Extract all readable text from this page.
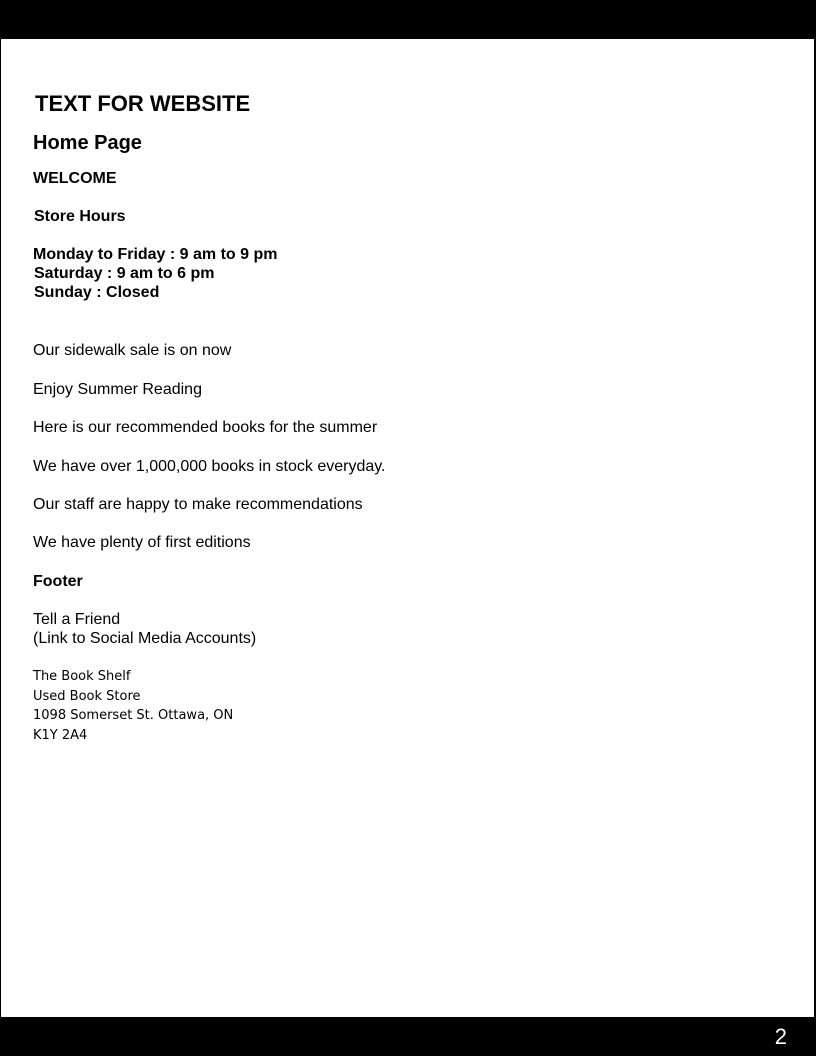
TEXT FOR WEBSITE
Home Page
WELCOME
Store Hours
Monday to Friday : 9 am to 9 pm
Saturday : 9 am to 6 pm
Sunday : Closed
Our sidewalk sale is on now
Enjoy Summer Reading
Here is our recommended books for the summer
We have over 1,000,000 books in stock everyday.
Our staff are happy to make recommendations
We have plenty of first editions
Footer
Tell a Friend
(Link to Social Media Accounts)
The Book Shelf
Used Book Store
1098 Somerset St. Ottawa, ON
K1Y 2A4
2
